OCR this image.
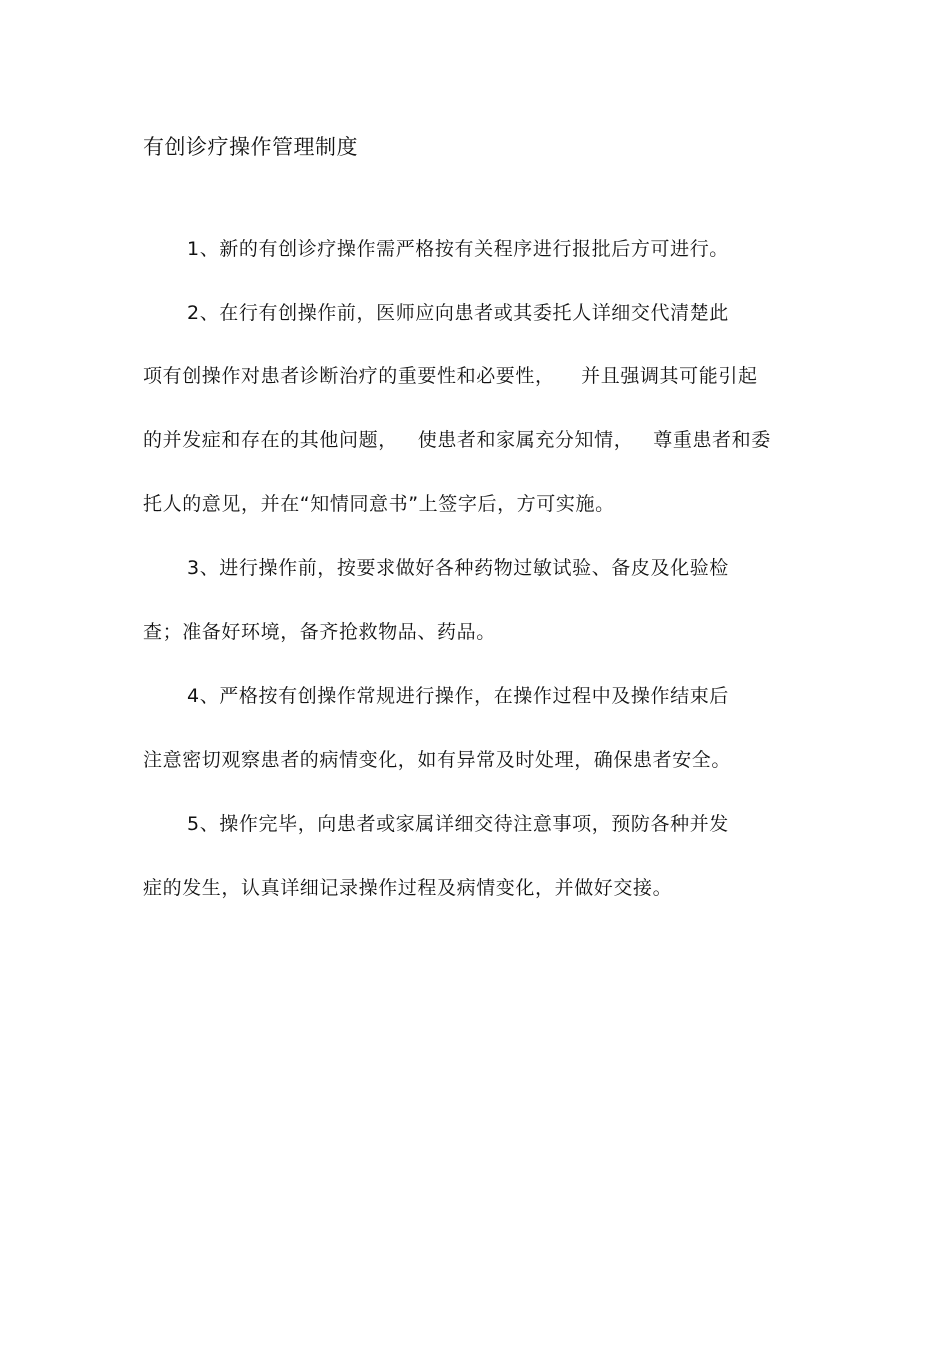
有创诊疗操作管理制度
1、新的有创诊疗操作需严格按有关程序进行报批后方可进行。
2、在行有创操作前，医师应向患者或其委托人详细交代清楚此
项有创操作对患者诊断治疗的重要性和必要性，    并且强调其可能引起
的并发症和存在的其他问题，   使患者和家属充分知情，   尊重患者和委
托人的意见，并在“知情同意书”上签字后，方可实施。
3、进行操作前，按要求做好各种药物过敏试验、备皮及化验检
查；准备好环境，备齐抢救物品、药品。
4、严格按有创操作常规进行操作，在操作过程中及操作结束后
注意密切观察患者的病情变化，如有异常及时处理，确保患者安全。
5、操作完毕，向患者或家属详细交待注意事项，预防各种并发
症的发生，认真详细记录操作过程及病情变化，并做好交接。
